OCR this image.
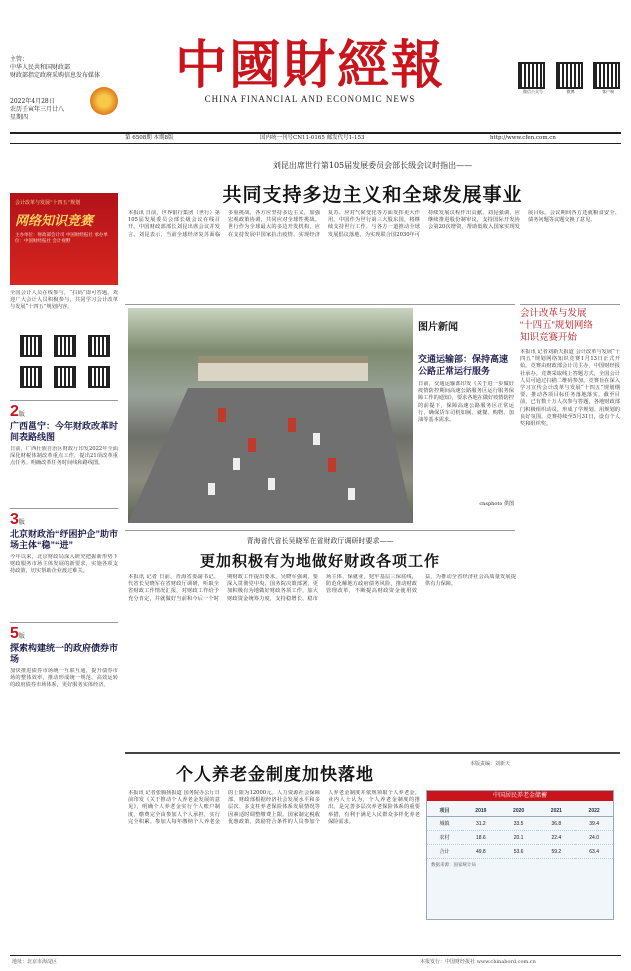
主管：
中华人民共和国财政部
财政部指定政府采购信息发布媒体
2022年4月28日
农历壬寅年三月廿八
星期四
中國財經報
CHINA FINANCIAL AND ECONOMIC NEWS
微信公众号	微博	客户端
第 6508期 本期8版	国内统一刊号CN11-0165 邮发代号1-153	http://www.cfen.com.cn
会计改革与发展“十四五”规划
网络知识竞赛
主办单位：财政部会计司 中国财经报社 承办单位：中国财经报社 会计视野
全国会计人员在线参与，“扫码”即可答题。欢迎广大会计人员积极参与，共同学习会计改革与发展“十四五”规划内容。
2版
广西邕宁：今年财政改革时间表路线图
日前，广西壮族自治区财政厅印发2022年全面深化财税体制改革重点工作，提出21项改革重点任务。明确改革任务时间线和路线图。
3版
北京财政治“纾困护企”助市场主体“稳”“进”
今年以来，北京财政局深入研究把握新形势下财政服务市场主体发展的新要求，实施各项支持政策，切实帮助企业渡过难关。
5版
探索构建统一的政府债券市场
加快推进债券市场统一互联互通，提升债券市场的整体效率，推动形成统一规范、高效运转的政府债券市场体系，更好服务实体经济。
刘昆出席世行第105届发展委员会部长级会议时指出——
共同支持多边主义和全球发展事业
本报讯 日前，世界银行集团（世行）第105届发展委员会部长级会议在线召开。中国财政部部长刘昆出席会议并发言。刘昆表示，当前全球经济复苏面临多重挑战，各方应坚持多边主义，加强宏观政策协调，共同应对全球性挑战。世行作为全球最大的多边开发机构，应在支持发展中国家抗击疫情、实现经济复苏、应对气候变化等方面发挥更大作用。中国作为世行第三大股东国，将继续支持世行工作，与各方一道推动全球发展倡议落地，为实现联合国2030年可持续发展议程作出贡献。刘昆强调，应继续推进股份制审议，支持国际开发协会第20次增资，帮助低收入国家实现发展目标。会议期间各方还就粮食安全、债务问题等议题交换了意见。
图片新闻
交通运输部：保持高速公路正常运行服务
日前，交通运输部印发《关于进一步做好疫情防控期间高速公路服务区运行服务保障工作的通知》，要求各地在做好疫情防控的前提下，保障高速公路服务区正常运行，确保货车司机如厕、就餐、购物、加油等基本需求。
cnsphoto 供图
会计改革与发展
“十四五”规划网络
知识竞赛开始
本报讯 记者刘新天报道 会计改革与发展“十四五”规划网络知识竞赛1月13日正式开始。竞赛由财政部会计司主办，中国财经报社承办。竞赛采取线上答题方式，全国会计人员可通过扫描二维码参加。竞赛旨在深入学习宣传会计改革与发展“十四五”规划纲要，推动各项目标任务落地落实。截至目前，已有数十万人次参与答题，各地财政部门积极组织动员，形成了学规划、用规划的良好氛围。竞赛持续至5月31日，设有个人奖和组织奖。
青海省代省长吴晓军在省财政厅调研时要求——
更加积极有为地做好财政各项工作
本报讯 记者 日前，青海省委副书记、代省长吴晓军在省财政厅调研，听取全省财政工作情况汇报，对财政工作给予充分肯定，并就做好当前和今后一个时期财政工作提出要求。吴晓军强调，要深入贯彻党中央、国务院决策部署，更加积极有为地做好财政各项工作，加大财政资金统筹力度，支持稳增长、稳市场主体、保就业，兜牢基层三保底线，防范化解地方政府债务风险，推动财政管理改革，不断提高财政资金使用效益，为推动全省经济社会高质量发展提供有力保障。
个人养老金制度加快落地
本版责编：刘新天
本报讯 记者张腾扬报道 国务院办公厅日前印发《关于推动个人养老金发展的意见》，明确个人养老金实行个人账户制度，缴费完全由参加人个人承担，实行完全积累。参加人每年缴纳个人养老金的上限为12000元。人力资源社会保障部、财政部根据经济社会发展水平和多层次、多支柱养老保险体系发展情况等因素适时调整缴费上限。国家制定税收优惠政策，鼓励符合条件的人员参加个人养老金制度并依规领取个人养老金。业内人士认为，个人养老金制度的推出，是完善多层次养老保险体系的重要举措，有利于满足人民群众多样化养老保险需求。
中国居民养老金储蓄
项目	2019	2020	2021	2022
城镇	31.2	33.5	36.8	39.4
农村	18.6	20.1	22.4	24.0
合计	49.8	53.6	59.2	63.4
数据来源：国家统计局
地址：北京市海淀区	本报发行：中国财经报社 www.chinabord.com.cn
